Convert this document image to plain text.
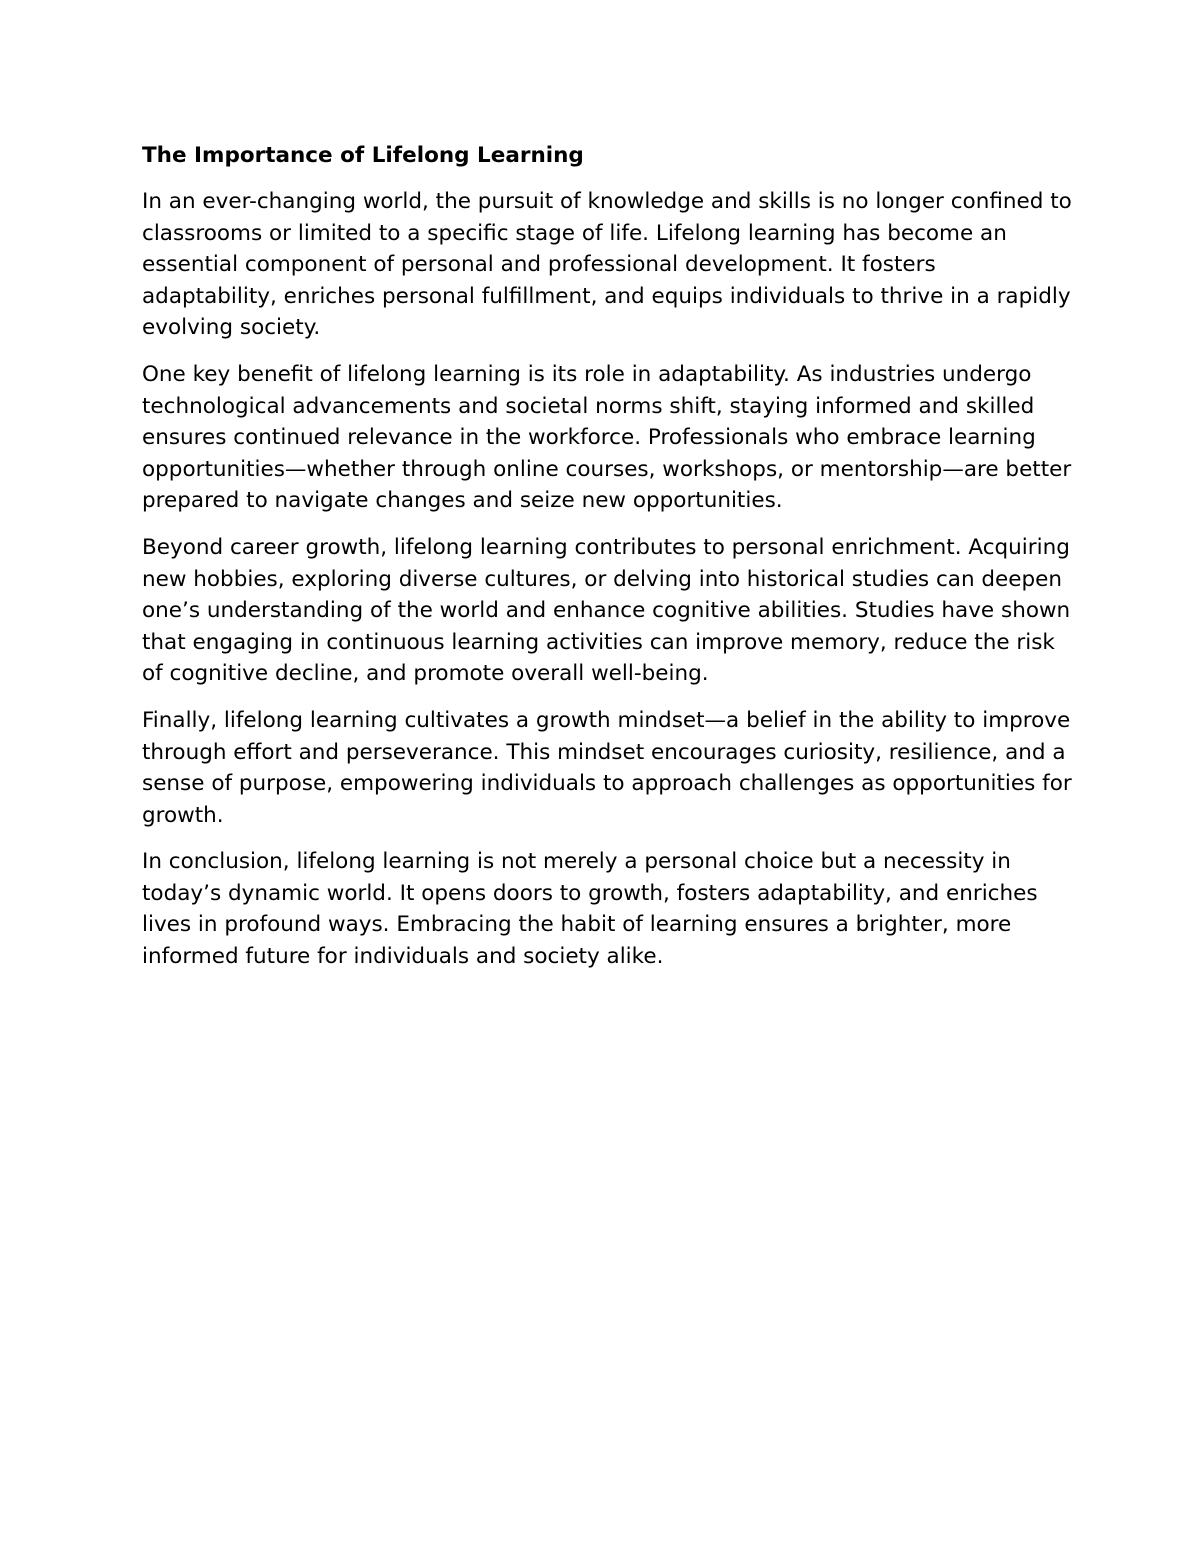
The Importance of Lifelong Learning

In an ever-changing world, the pursuit of knowledge and skills is no longer confined to classrooms or limited to a specific stage of life. Lifelong learning has become an essential component of personal and professional development. It fosters adaptability, enriches personal fulfillment, and equips individuals to thrive in a rapidly evolving society.

One key benefit of lifelong learning is its role in adaptability. As industries undergo technological advancements and societal norms shift, staying informed and skilled ensures continued relevance in the workforce. Professionals who embrace learning opportunities—whether through online courses, workshops, or mentorship—are better prepared to navigate changes and seize new opportunities.

Beyond career growth, lifelong learning contributes to personal enrichment. Acquiring new hobbies, exploring diverse cultures, or delving into historical studies can deepen one’s understanding of the world and enhance cognitive abilities. Studies have shown that engaging in continuous learning activities can improve memory, reduce the risk of cognitive decline, and promote overall well-being.

Finally, lifelong learning cultivates a growth mindset—a belief in the ability to improve through effort and perseverance. This mindset encourages curiosity, resilience, and a sense of purpose, empowering individuals to approach challenges as opportunities for growth.

In conclusion, lifelong learning is not merely a personal choice but a necessity in today’s dynamic world. It opens doors to growth, fosters adaptability, and enriches lives in profound ways. Embracing the habit of learning ensures a brighter, more informed future for individuals and society alike.
